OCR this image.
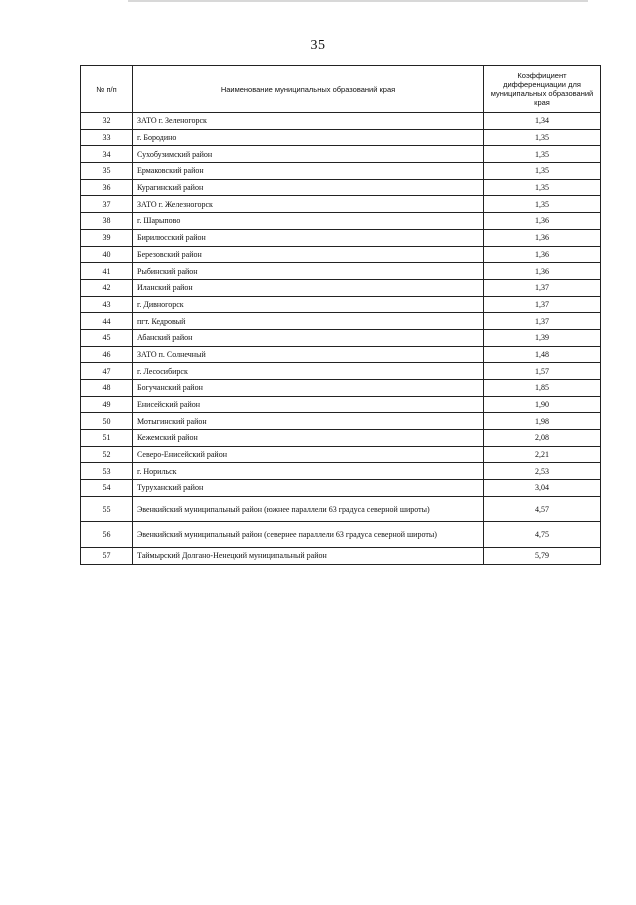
35
№ п/п	Наименование муниципальных образований края	Коэффициент дифференциации для муниципальных образований края
32	ЗАТО г. Зеленогорск	1,34
33	г. Бородино	1,35
34	Сухобузимский район	1,35
35	Ермаковский район	1,35
36	Курагинский район	1,35
37	ЗАТО г. Железногорск	1,35
38	г. Шарыпово	1,36
39	Бирилюсский район	1,36
40	Березовский район	1,36
41	Рыбинский район	1,36
42	Иланский район	1,37
43	г. Дивногорск	1,37
44	пгт. Кедровый	1,37
45	Абанский район	1,39
46	ЗАТО п. Солнечный	1,48
47	г. Лесосибирск	1,57
48	Богучанский район	1,85
49	Енисейский район	1,90
50	Мотыгинский район	1,98
51	Кежемский район	2,08
52	Северо-Енисейский район	2,21
53	г. Норильск	2,53
54	Туруханский район	3,04
55	Эвенкийский муниципальный район (южнее параллели 63 градуса северной широты)	4,57
56	Эвенкийский муниципальный район (севернее параллели 63 градуса северной широты)	4,75
57	Таймырский Долгано-Ненецкий муниципальный район	5,79
